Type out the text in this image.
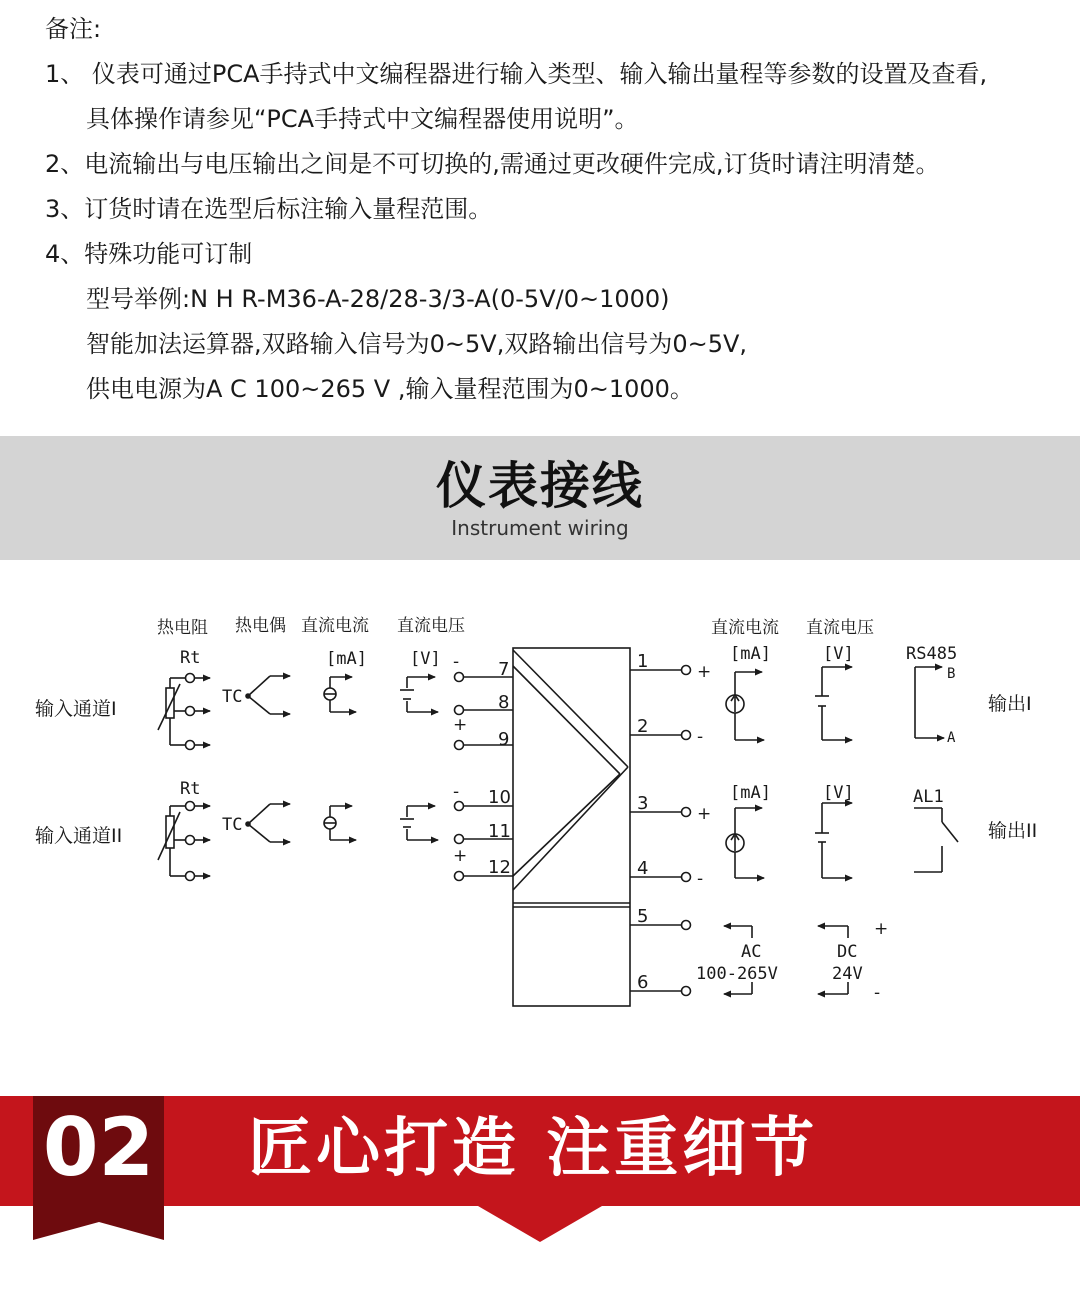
备注:
1、 仪表可通过PCA手持式中文编程器进行输入类型、输入输出量程等参数的设置及查看,
具体操作请参见“PCA手持式中文编程器使用说明”。
2、电流输出与电压输出之间是不可切换的,需通过更改硬件完成,订货时请注明清楚。
3、订货时请在选型后标注输入量程范围。
4、特殊功能可订制
型号举例:N H R-M36-A-28/28-3/3-A(0-5V/0~1000)
智能加法运算器,双路输入信号为0~5V,双路输出信号为0~5V,
供电电源为A C 100~265 V ,输入量程范围为0~1000。
仪表接线
Instrument wiring
热电阻 热电偶 直流电流 直流电压	直流电流 直流电压
输入通道I
输入通道II
输出I
输出II
Rt
Rt
TC
TC
[mA]	[V]	[mA]	[V]
[mA]	[V]
RS485
AL1
AC
100-265V
DC
24V
B
A
-
+
-
+
+
-
+
-
+
-
7
8
9
10
11
12
1
2
3
4
5
6
02 匠心打造 注重细节
